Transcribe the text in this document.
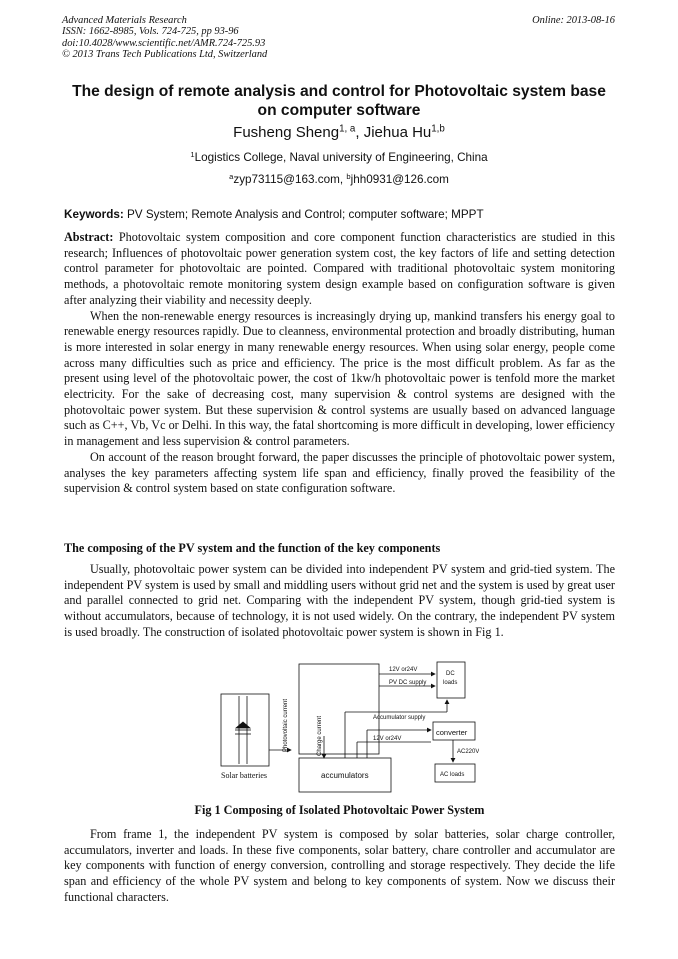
Advanced Materials Research
ISSN: 1662-8985, Vols. 724-725, pp 93-96
doi:10.4028/www.scientific.net/AMR.724-725.93
© 2013 Trans Tech Publications Ltd, Switzerland
Online: 2013-08-16
The design of remote analysis and control for Photovoltaic system base on computer software
Fusheng Sheng$^{1, a}$, Jiehua Hu$^{1,b}$
$^1$Logistics College, Naval university of Engineering, China
$^a$zyp73115@163.com, $^b$jhh0931@126.com
Keywords: PV System; Remote Analysis and Control; computer software; MPPT
Abstract: Photovoltaic system composition and core component function characteristics are studied in this research; Influences of photovoltaic power generation system cost, the key factors of life and setting detection control parameter for photovoltaic are pointed. Compared with traditional photovoltaic system monitoring methods, a photovoltaic remote monitoring system design example based on configuration software is given after analyzing their viability and necessity deeply.
When the non-renewable energy resources is increasingly drying up, mankind transfers his energy goal to renewable energy resources rapidly. Due to cleanness, environmental protection and broadly distributing, human is more interested in solar energy in many renewable energy resources. When using solar energy, people come across many difficulties such as price and efficiency. The price is the most difficult problem. As far as the present using level of the photovoltaic power, the cost of 1kw/h photovoltaic power is tenfold more the market electricity. For the sake of decreasing cost, many supervision & control systems are designed with the photovoltaic power system. But these supervision & control systems are usually based on advanced language such as C++, Vb, Vc or Delhi. In this way, the fatal shortcoming is more difficult in developing, lower efficiency in management and less supervision & control parameters.
On account of the reason brought forward, the paper discusses the principle of photovoltaic power system, analyses the key parameters affecting system life span and efficiency, finally proved the feasibility of the supervision & control system based on state configuration software.
The composing of the PV system and the function of the key components
Usually, photovoltaic power system can be divided into independent PV system and grid-tied system. The independent PV system is used by small and middling users without grid net and the system is used by great user and parallel connected to grid net. Comparing with the independent PV system, though grid-tied system is without accumulators, because of technology, it is not used widely. On the contrary, the independent PV system is used broadly. The construction of isolated photovoltaic power system is shown in Fig 1.
Solar batteries
Photovoltaic current	Charge current
accumulators
12V or24V
PV DC supply
DC
loads
Accumulator supply
converter
12V or24V
AC220V
AC loads
Fig 1 Composing of Isolated Photovoltaic Power System
From frame 1, the independent PV system is composed by solar batteries, solar charge controller, accumulators, inverter and loads. In these five components, solar battery, chare controller and accumulator are key components with function of energy conversion, controlling and storage respectively. They decide the life span and efficiency of the whole PV system and belong to key components of system. Now we discuss their functional characters.
